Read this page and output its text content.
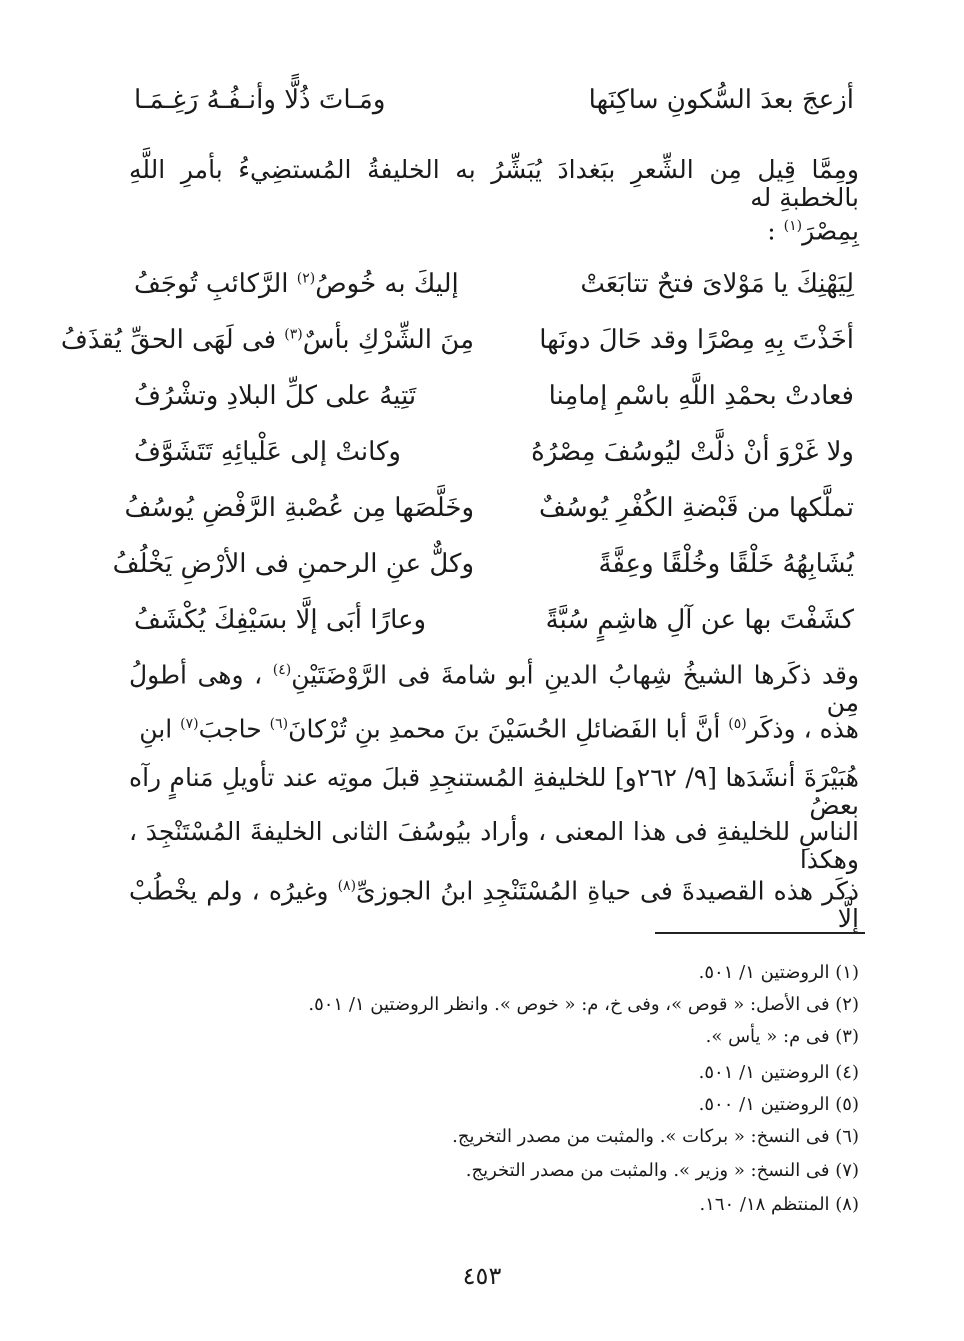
أزعجَ بعدَ السُّكونِ ساكِنَها
ومَـاتَ ذُلًّا وأنـفُـهُ رَغِـمَـا
ومِمَّا قِيل مِن الشِّعرِ ببَغدادَ يُبَشِّرُ به الخليفةُ المُستضِيءُ بأمرِ اللَّهِ بالخطبةِ له
بِمِصْرَ$^{(١)}$ :
لِيَهْنِكَ يا مَوْلاىَ فتحٌ تتابَعَتْ
إليكَ به خُوصُ$^{(٢)}$ الرَّكائبِ تُوجَفُ
أخَذْتَ بِهِ مِصْرًا وقد حَالَ دونَها
مِنَ الشِّرْكِ بأسٌ$^{(٣)}$ فى لَهَى الحقِّ يُقذَفُ
فعادتْ بحمْدِ اللَّهِ باسْمِ إمامِنا
تَتِيهُ على كلِّ البلادِ وتشْرُفُ
ولا غَرْوَ أنْ ذلَّتْ ليُوسُفَ مِصْرُهُ
وكانتْ إلى عَلْيائِهِ تَتَشَوَّفُ
تملَّكها من قَبْضةِ الكُفْرِ يُوسُفٌ
وخَلَّصَها مِن عُصْبةِ الرَّفْضِ يُوسُفُ
يُشَابِهُهُ خَلْقًا وخُلْقًا وعِفَّةً
وكلٌّ عنِ الرحمنِ فى الأرْضِ يَخْلُفُ
كشَفْتَ بها عن آلِ هاشِمٍ سُبَّةً
وعارًا أبَى إلَّا بسَيْفِكَ يُكْشَفُ
وقد ذكَرها الشيخُ شِهابُ الدينِ أبو شامةَ فى الرَّوْضَتَيْنِ$^{(٤)}$ ، وهى أطولُ مِن
هذه ، وذكَر$^{(٥)}$ أنَّ أبا الفَضائلِ الحُسَيْنَ بنَ محمدِ بنِ تُرْكانَ$^{(٦)}$ حاجبَ$^{(٧)}$ ابنِ
هُبَيْرَةَ أنشَدَها [٩/ ٢٦٢و] للخليفةِ المُستنجِدِ قبلَ موتِه عند تأويلِ مَنامٍ رآه بعضُ
الناسِ للخليفةِ فى هذا المعنى ، وأراد بيُوسُفَ الثانى الخليفةَ المُسْتَنْجِدَ ، وهكذا
ذكَر هذه القصيدةَ فى حياةِ المُسْتَنْجِدِ ابنُ الجوزىِّ$^{(٨)}$ وغيرُه ، ولم يخْطُبْ إلَّا
(١) الروضتين ١/ ٥٠١.
(٢) فى الأصل: « قوص »، وفى خ، م: « خوص ». وانظر الروضتين ١/ ٥٠١.
(٣) فى م: « يأس ».
(٤) الروضتين ١/ ٥٠١.
(٥) الروضتين ١/ ٥٠٠.
(٦) فى النسخ: « بركات ». والمثبت من مصدر التخريج.
(٧) فى النسخ: « وزير ». والمثبت من مصدر التخريج.
(٨) المنتظم ١٨/ ١٦٠.
٤٥٣
